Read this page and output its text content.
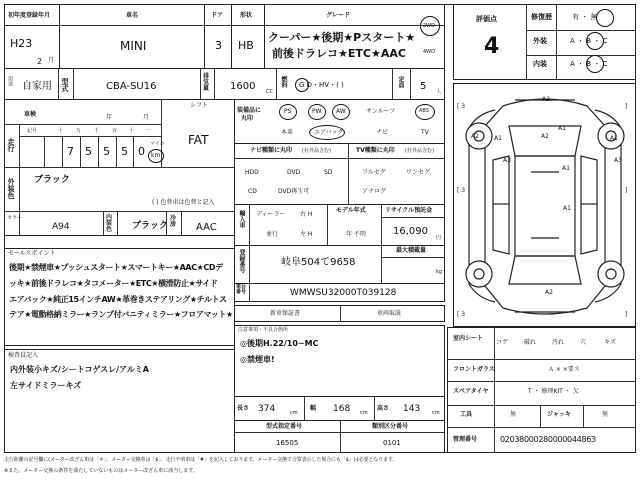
初年度登録年月
H23
2 月
車名
MINI
ドア
3
形状
HB
グレード
クーパー★後期★Pスタート★
前後ドラレコ★ETC★AAC
2WD
4WD
評価点
4
修復歴	有 ・ 無
外装	A ・ B ・ C
内装	A ・ B ・ C
用途 自家用 型式	CBA-SU16
排気量	1600 CC
燃料 G D・HV・( )	定員 5 人
シフト
車検	年	月
走行
記号	十	万	千	百 十 一
7 5 5 5 0
マイル
km
FAT
外装色 ブラック
( ) 色替車は色替と記入
カラー
A94
内装色 ブラック
冷房 AAC
セールスポイント
後期★禁煙車★プッシュスタート★スマートキー★AAC★CDデ
ッキ★前後ドラレコ★タコメーター★ETC★横滑防止★サイド
エアバック★純正15インチAW★革巻きステアリング★チルトス
テア★電動格納ミラー★ランプ付バニティミラー★フロアマット★
検査員記入
内外装小キズ/シートコゲスレ/アルミA
左サイドミラーキズ
装備品に
丸印
PS	PW AW	サンルーフ	ABS
本革	エアバック	ナビ	TV
ナビ種類に丸印 (社外品含む)	TV種類に丸印 (社外品含む)
HDD	DVD	SD
CD	DVD再生可
フルセグ	ワンセグ
アナログ
輸入車 ディーラー
並行
右 H
左 H
モデル年式
年 不明
リサイクル預託金
16,090
円
登録番号	岐阜504て9658
最大積載量
kg
車台番号	WMWSU32000T039128
新車保証書	車両取説
注意事項・不具合箇所
◎後期H.22/10~MC
◎禁煙車!
長さ 374	cm
幅 168 cm
高さ 143 cm
型式指定番号
16505
類別区分番号
0101
[ 3	]
[ 3	]
[ 3	]
A2
A1
A1	A1
A2
A2
A3
A1
A3
A1
A2
室内シート
コゲ	破れ	汚れ	穴	キズ
フロントガラス	Ａ × ×要ス
スペアタイヤ	T ・ 修理KIT ・ 欠
工具	無	ジャッキ	無
管理番号	0203800028000004486З
走行距離の記号欄に(メーター改ざん車は「＊」、メーター交換車は「$」、走行不明車は「#」を記入しております。メーター交換で合算表示した場合にも「$」は必要となります。
※また、メーター交換の条件を満たしていないものはメーター改ざん車に該当します。
